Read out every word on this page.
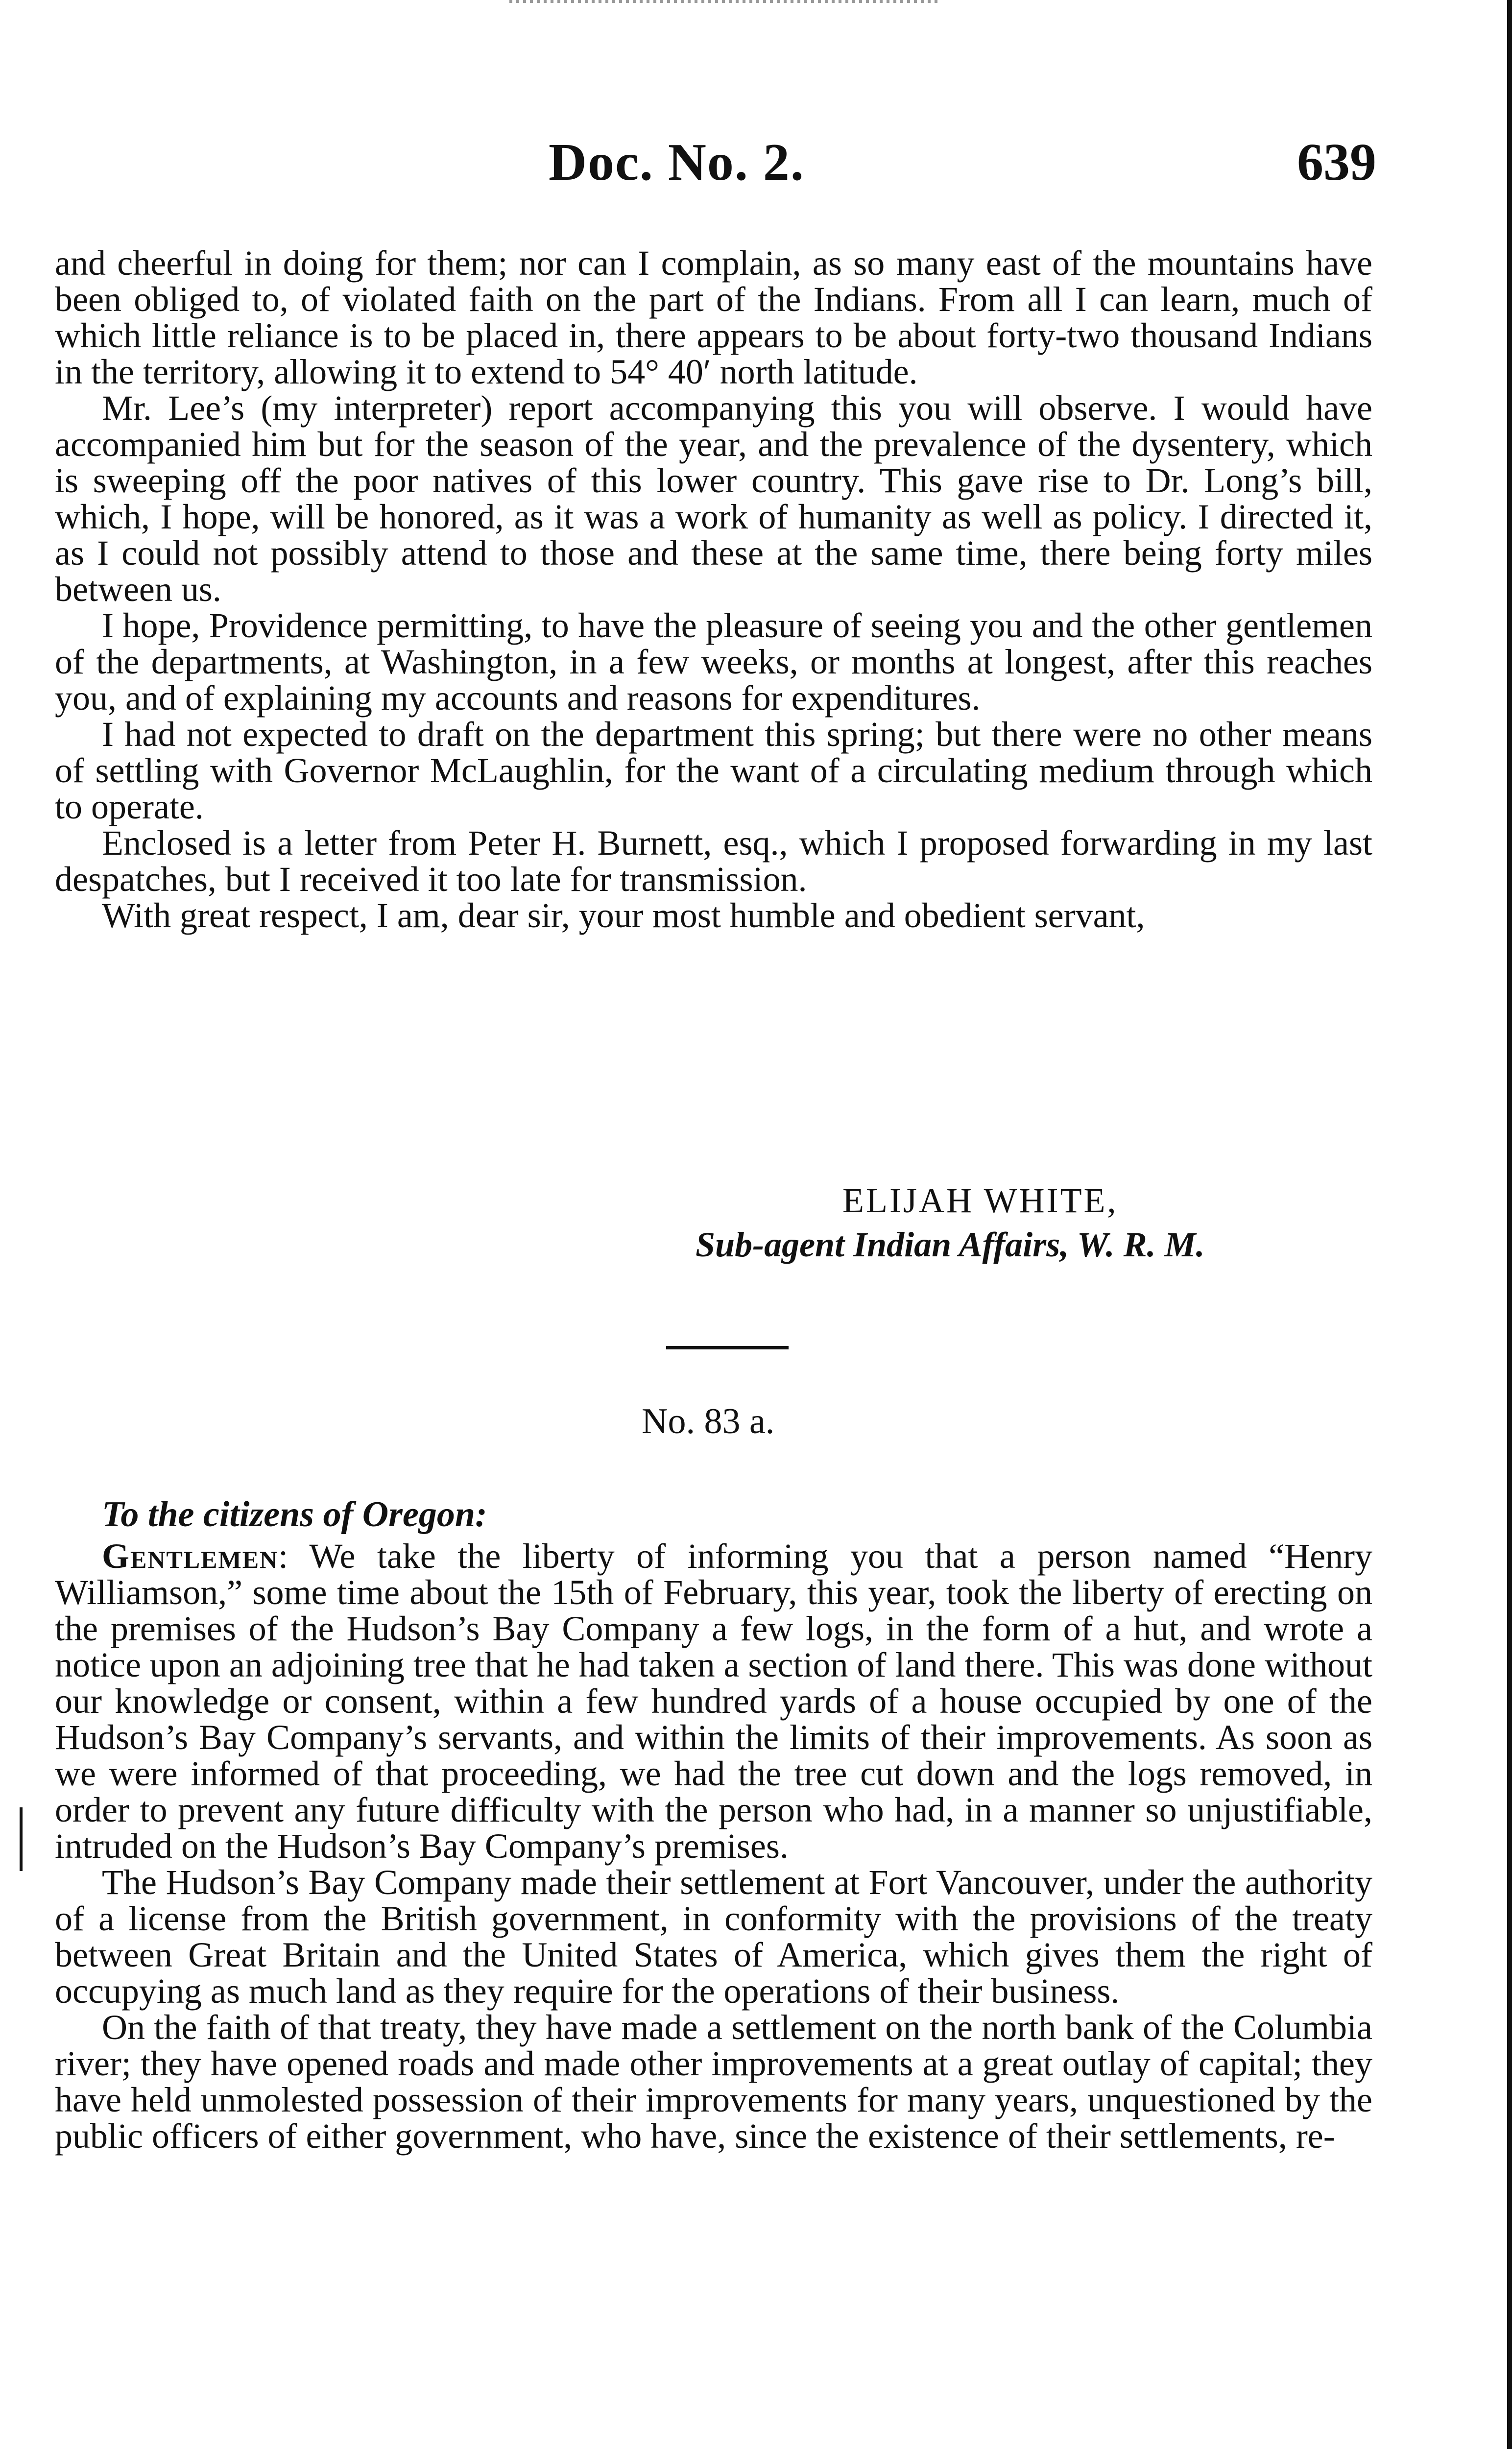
Doc. No. 2.	639

and cheerful in doing for them; nor can I complain, as so many east of the mountains have been obliged to, of violated faith on the part of the Indians. From all I can learn, much of which little reliance is to be placed in, there appears to be about forty-two thousand Indians in the territory, allowing it to extend to 54° 40′ north latitude.

Mr. Lee’s (my interpreter) report accompanying this you will observe. I would have accompanied him but for the season of the year, and the prevalence of the dysentery, which is sweeping off the poor natives of this lower country. This gave rise to Dr. Long’s bill, which, I hope, will be honored, as it was a work of humanity as well as policy. I directed it, as I could not possibly attend to those and these at the same time, there being forty miles between us.

I hope, Providence permitting, to have the pleasure of seeing you and the other gentlemen of the departments, at Washington, in a few weeks, or months at longest, after this reaches you, and of explaining my accounts and reasons for expenditures.

I had not expected to draft on the department this spring; but there were no other means of settling with Governor McLaughlin, for the want of a circulating medium through which to operate.

Enclosed is a letter from Peter H. Burnett, esq., which I proposed forwarding in my last despatches, but I received it too late for transmission.

With great respect, I am, dear sir, your most humble and obedient servant,

ELIJAH WHITE,
Sub-agent Indian Affairs, W. R. M.
No. 83 a.
To the citizens of Oregon:

Gentlemen: We take the liberty of informing you that a person named “Henry Williamson,” some time about the 15th of February, this year, took the liberty of erecting on the premises of the Hudson’s Bay Company a few logs, in the form of a hut, and wrote a notice upon an adjoining tree that he had taken a section of land there. This was done without our knowledge or consent, within a few hundred yards of a house occupied by one of the Hudson’s Bay Company’s servants, and within the limits of their improvements. As soon as we were informed of that proceeding, we had the tree cut down and the logs removed, in order to prevent any future difficulty with the person who had, in a manner so unjustifiable, intruded on the Hudson’s Bay Company’s premises.

The Hudson’s Bay Company made their settlement at Fort Vancouver, under the authority of a license from the British government, in conformity with the provisions of the treaty between Great Britain and the United States of America, which gives them the right of occupying as much land as they require for the operations of their business.

On the faith of that treaty, they have made a settlement on the north bank of the Columbia river; they have opened roads and made other improvements at a great outlay of capital; they have held unmolested possession of their improvements for many years, unquestioned by the public officers of either government, who have, since the existence of their settlements, re-
